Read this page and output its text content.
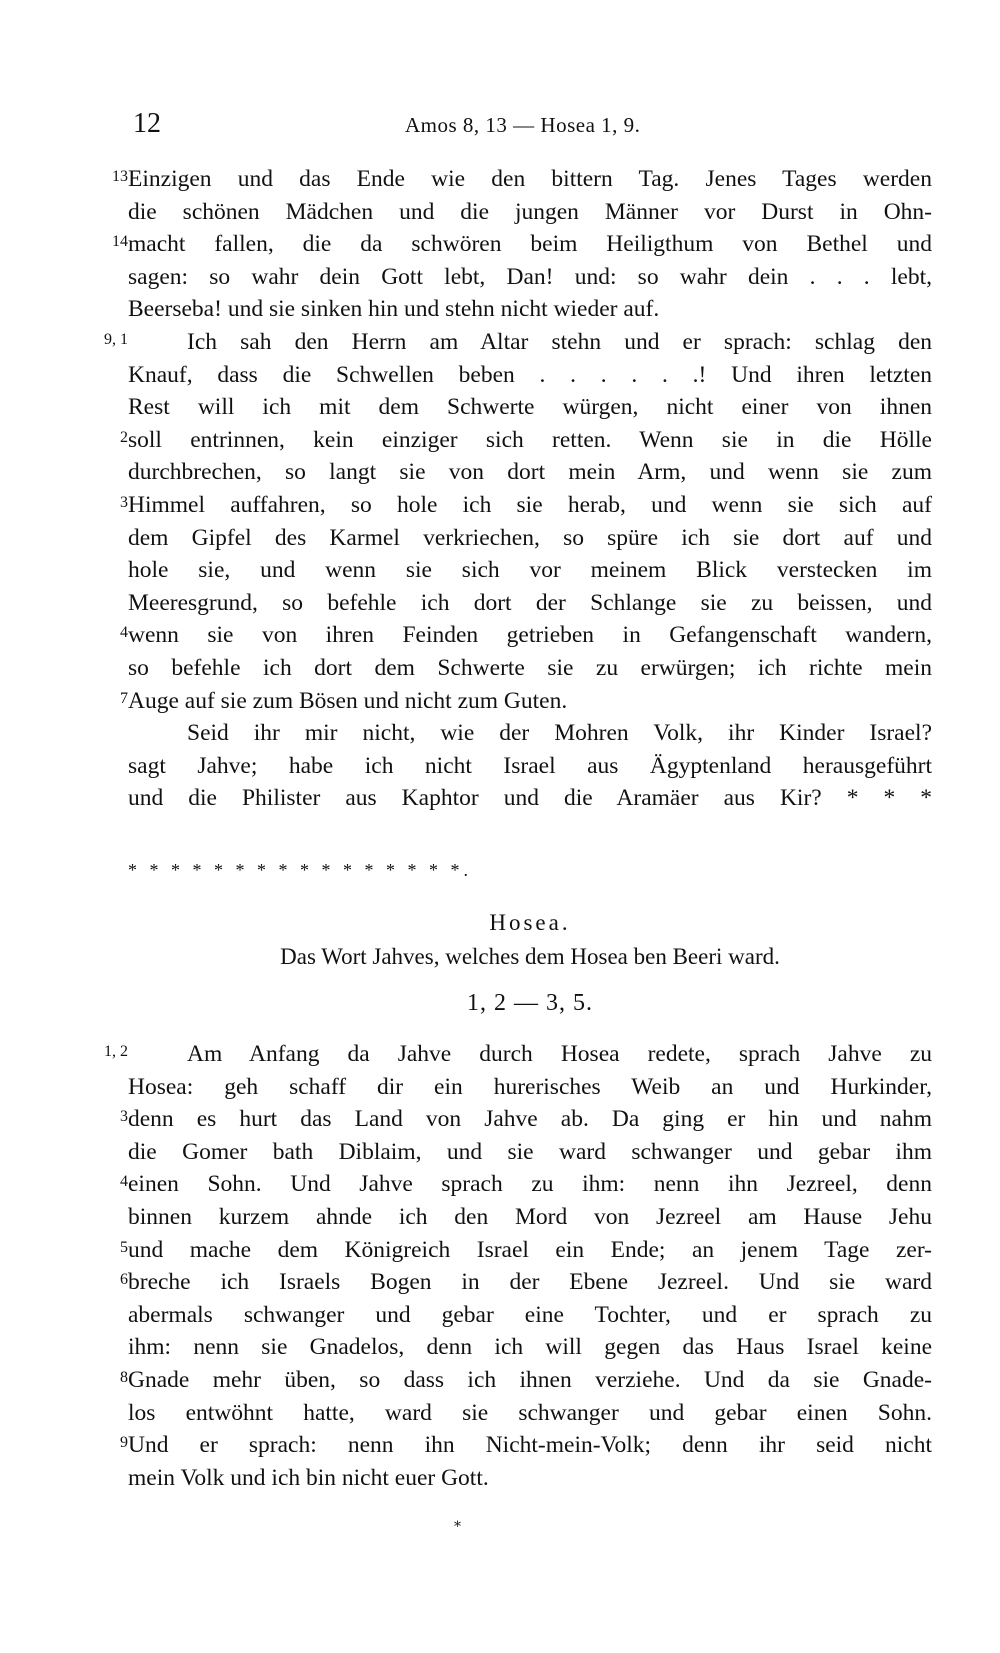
12	Amos 8, 13 — Hosea 1, 9.
13 Einzigen und das Ende wie den bittern Tag. Jenes Tages werden
die schönen Mädchen und die jungen Männer vor Durst in Ohn-
14 macht fallen, die da schwören beim Heiligthum von Bethel und
sagen: so wahr dein Gott lebt, Dan! und: so wahr dein . . . lebt,
Beerseba! und sie sinken hin und stehn nicht wieder auf.
9, 1	Ich sah den Herrn am Altar stehn und er sprach: schlag den
Knauf, dass die Schwellen beben . . . . . .! Und ihren letzten
Rest will ich mit dem Schwerte würgen, nicht einer von ihnen
2 soll entrinnen, kein einziger sich retten. Wenn sie in die Hölle
durchbrechen, so langt sie von dort mein Arm, und wenn sie zum
3 Himmel auffahren, so hole ich sie herab, und wenn sie sich auf
dem Gipfel des Karmel verkriechen, so spüre ich sie dort auf und
hole sie, und wenn sie sich vor meinem Blick verstecken im
Meeresgrund, so befehle ich dort der Schlange sie zu beissen, und
4 wenn sie von ihren Feinden getrieben in Gefangenschaft wandern,
so befehle ich dort dem Schwerte sie zu erwürgen; ich richte mein
7 Auge auf sie zum Bösen und nicht zum Guten.
Seid ihr mir nicht, wie der Mohren Volk, ihr Kinder Israel?
sagt Jahve; habe ich nicht Israel aus Ägyptenland herausgeführt
und die Philister aus Kaphtor und die Aramäer aus Kir? * * *
* * * * * * * * * * * * * * * *.
Hosea.
Das Wort Jahves, welches dem Hosea ben Beeri ward.
1, 2 — 3, 5.
1, 2	Am Anfang da Jahve durch Hosea redete, sprach Jahve zu
Hosea: geh schaff dir ein hurerisches Weib an und Hurkinder,
3 denn es hurt das Land von Jahve ab. Da ging er hin und nahm
die Gomer bath Diblaim, und sie ward schwanger und gebar ihm
4 einen Sohn. Und Jahve sprach zu ihm: nenn ihn Jezreel, denn
binnen kurzem ahnde ich den Mord von Jezreel am Hause Jehu
5 und mache dem Königreich Israel ein Ende; an jenem Tage zer-
6 breche ich Israels Bogen in der Ebene Jezreel. Und sie ward
abermals schwanger und gebar eine Tochter, und er sprach zu
ihm: nenn sie Gnadelos, denn ich will gegen das Haus Israel keine
8 Gnade mehr üben, so dass ich ihnen verziehe. Und da sie Gnade-
los entwöhnt hatte, ward sie schwanger und gebar einen Sohn.
9 Und er sprach: nenn ihn Nicht-mein-Volk; denn ihr seid nicht
mein Volk und ich bin nicht euer Gott.
*
